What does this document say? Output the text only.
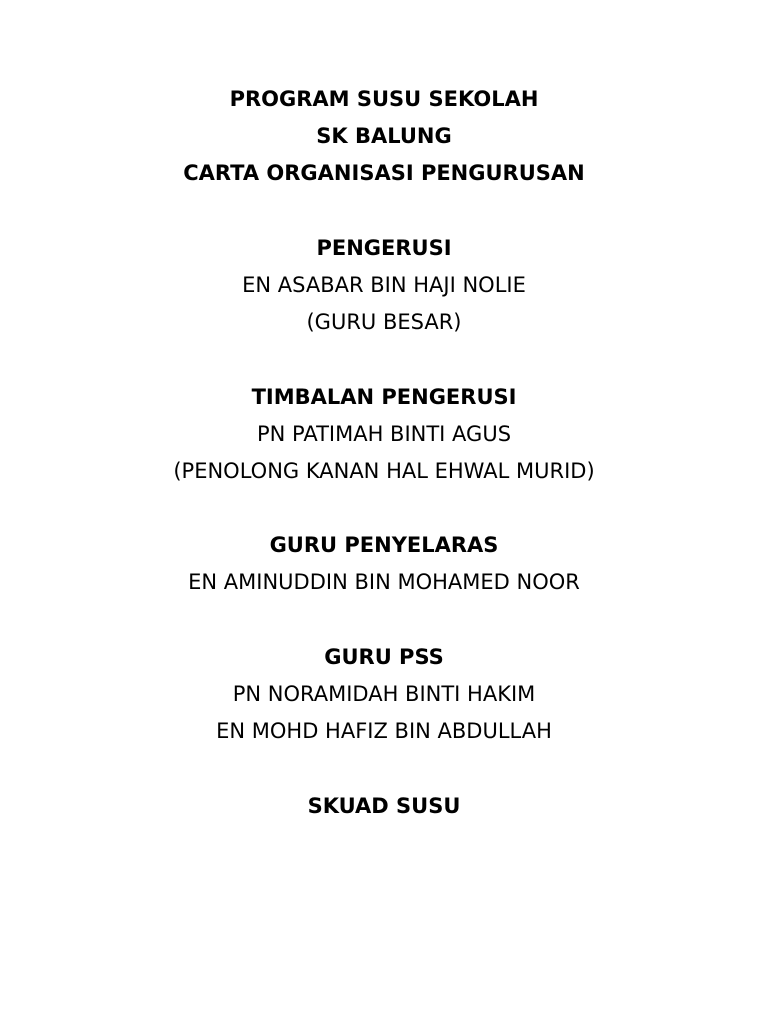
PROGRAM SUSU SEKOLAH
SK BALUNG
CARTA ORGANISASI PENGURUSAN
PENGERUSI
EN ASABAR BIN HAJI NOLIE
(GURU BESAR)
TIMBALAN PENGERUSI
PN PATIMAH BINTI AGUS
(PENOLONG KANAN HAL EHWAL MURID)
GURU PENYELARAS
EN AMINUDDIN BIN MOHAMED NOOR
GURU PSS
PN NORAMIDAH BINTI HAKIM
EN MOHD HAFIZ BIN ABDULLAH
SKUAD SUSU
